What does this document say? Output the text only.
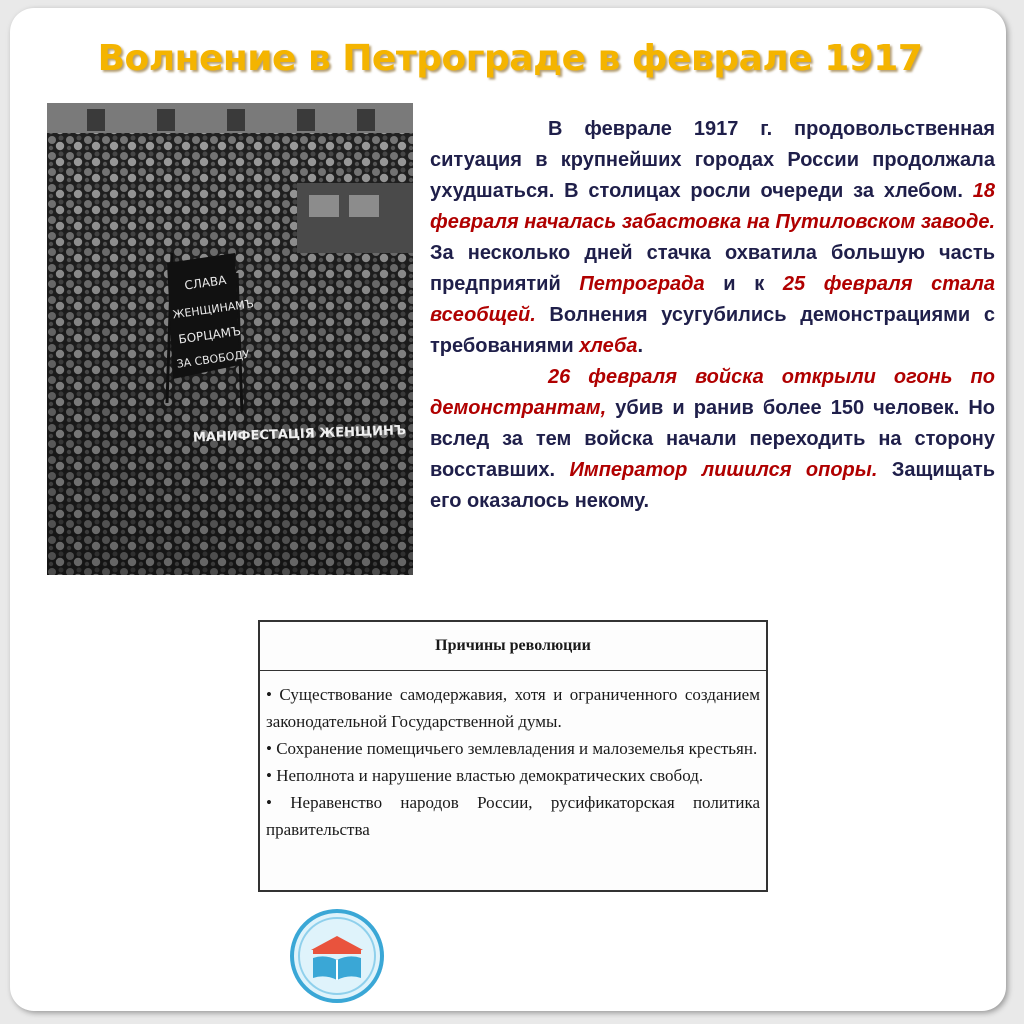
Волнение в Петрограде в феврале 1917
СЛАВА
ЖЕНЩИНАМЪ
БОРЦАМЪ
ЗА СВОБОДУ
МАНИФЕСТАЦІЯ ЖЕНЩИНЪ

В феврале 1917 г. продовольственная ситуация в крупнейших городах России продолжала ухудшаться. В столицах росли очереди за хлебом. 18 февраля началась забастовка на Путиловском заводе. За несколько дней стачка охватила большую часть предприятий Петрограда и к 25 февраля стала всеобщей. Волнения усугубились демонстрациями с требованиями хлеба.

26 февраля войска открыли огонь по демонстрантам, убив и ранив более 150 человек. Но вслед за тем войска начали переходить на сторону восставших. Император лишился опоры. Защищать его оказалось некому.

Причины революции
• Существование самодержавия, хотя и ограниченного созданием законодательной Государственной думы.
• Сохранение помещичьего землевладения и малоземелья крестьян.
• Неполнота и нарушение властью демократических свобод.
• Неравенство народов России, русификаторская политика правительства
